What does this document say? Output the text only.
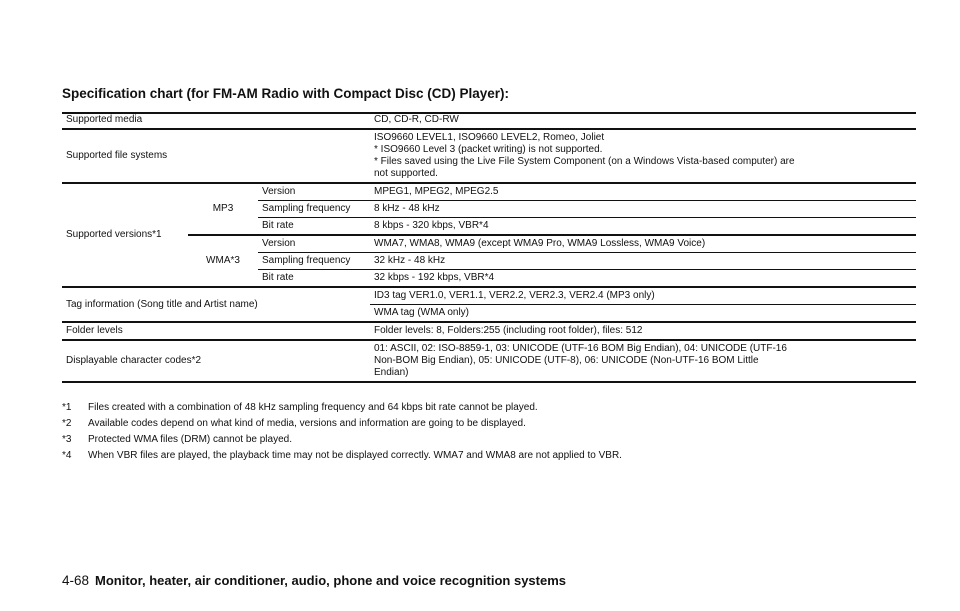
Specification chart (for FM-AM Radio with Compact Disc (CD) Player):
Supported media			CD, CD-R, CD-RW
Supported file systems			ISO9660 LEVEL1, ISO9660 LEVEL2, Romeo, Joliet
* ISO9660 Level 3 (packet writing) is not supported.
* Files saved using the Live File System Component (on a Windows Vista-based computer) are
not supported.

Supported versions*1	MP3	Version	MPEG1, MPEG2, MPEG2.5
		Sampling frequency	8 kHz - 48 kHz
		Bit rate	8 kbps - 320 kbps, VBR*4
	WMA*3	Version	WMA7, WMA8, WMA9 (except WMA9 Pro, WMA9 Lossless, WMA9 Voice)
		Sampling frequency	32 kHz - 48 kHz
		Bit rate	32 kbps - 192 kbps, VBR*4
Tag information (Song title and Artist name)			ID3 tag VER1.0, VER1.1, VER2.2, VER2.3, VER2.4 (MP3 only)
			WMA tag (WMA only)
Folder levels			Folder levels: 8, Folders:255 (including root folder), files: 512
Displayable character codes*2			01: ASCII, 02: ISO-8859-1, 03: UNICODE (UTF-16 BOM Big Endian), 04: UNICODE (UTF-16
Non-BOM Big Endian), 05: UNICODE (UTF-8), 06: UNICODE (Non-UTF-16 BOM Little
Endian)
*1	Files created with a combination of 48 kHz sampling frequency and 64 kbps bit rate cannot be played.
*2	Available codes depend on what kind of media, versions and information are going to be displayed.
*3	Protected WMA files (DRM) cannot be played.
*4	When VBR files are played, the playback time may not be displayed correctly. WMA7 and WMA8 are not applied to VBR.
4-68 Monitor, heater, air conditioner, audio, phone and voice recognition systems
